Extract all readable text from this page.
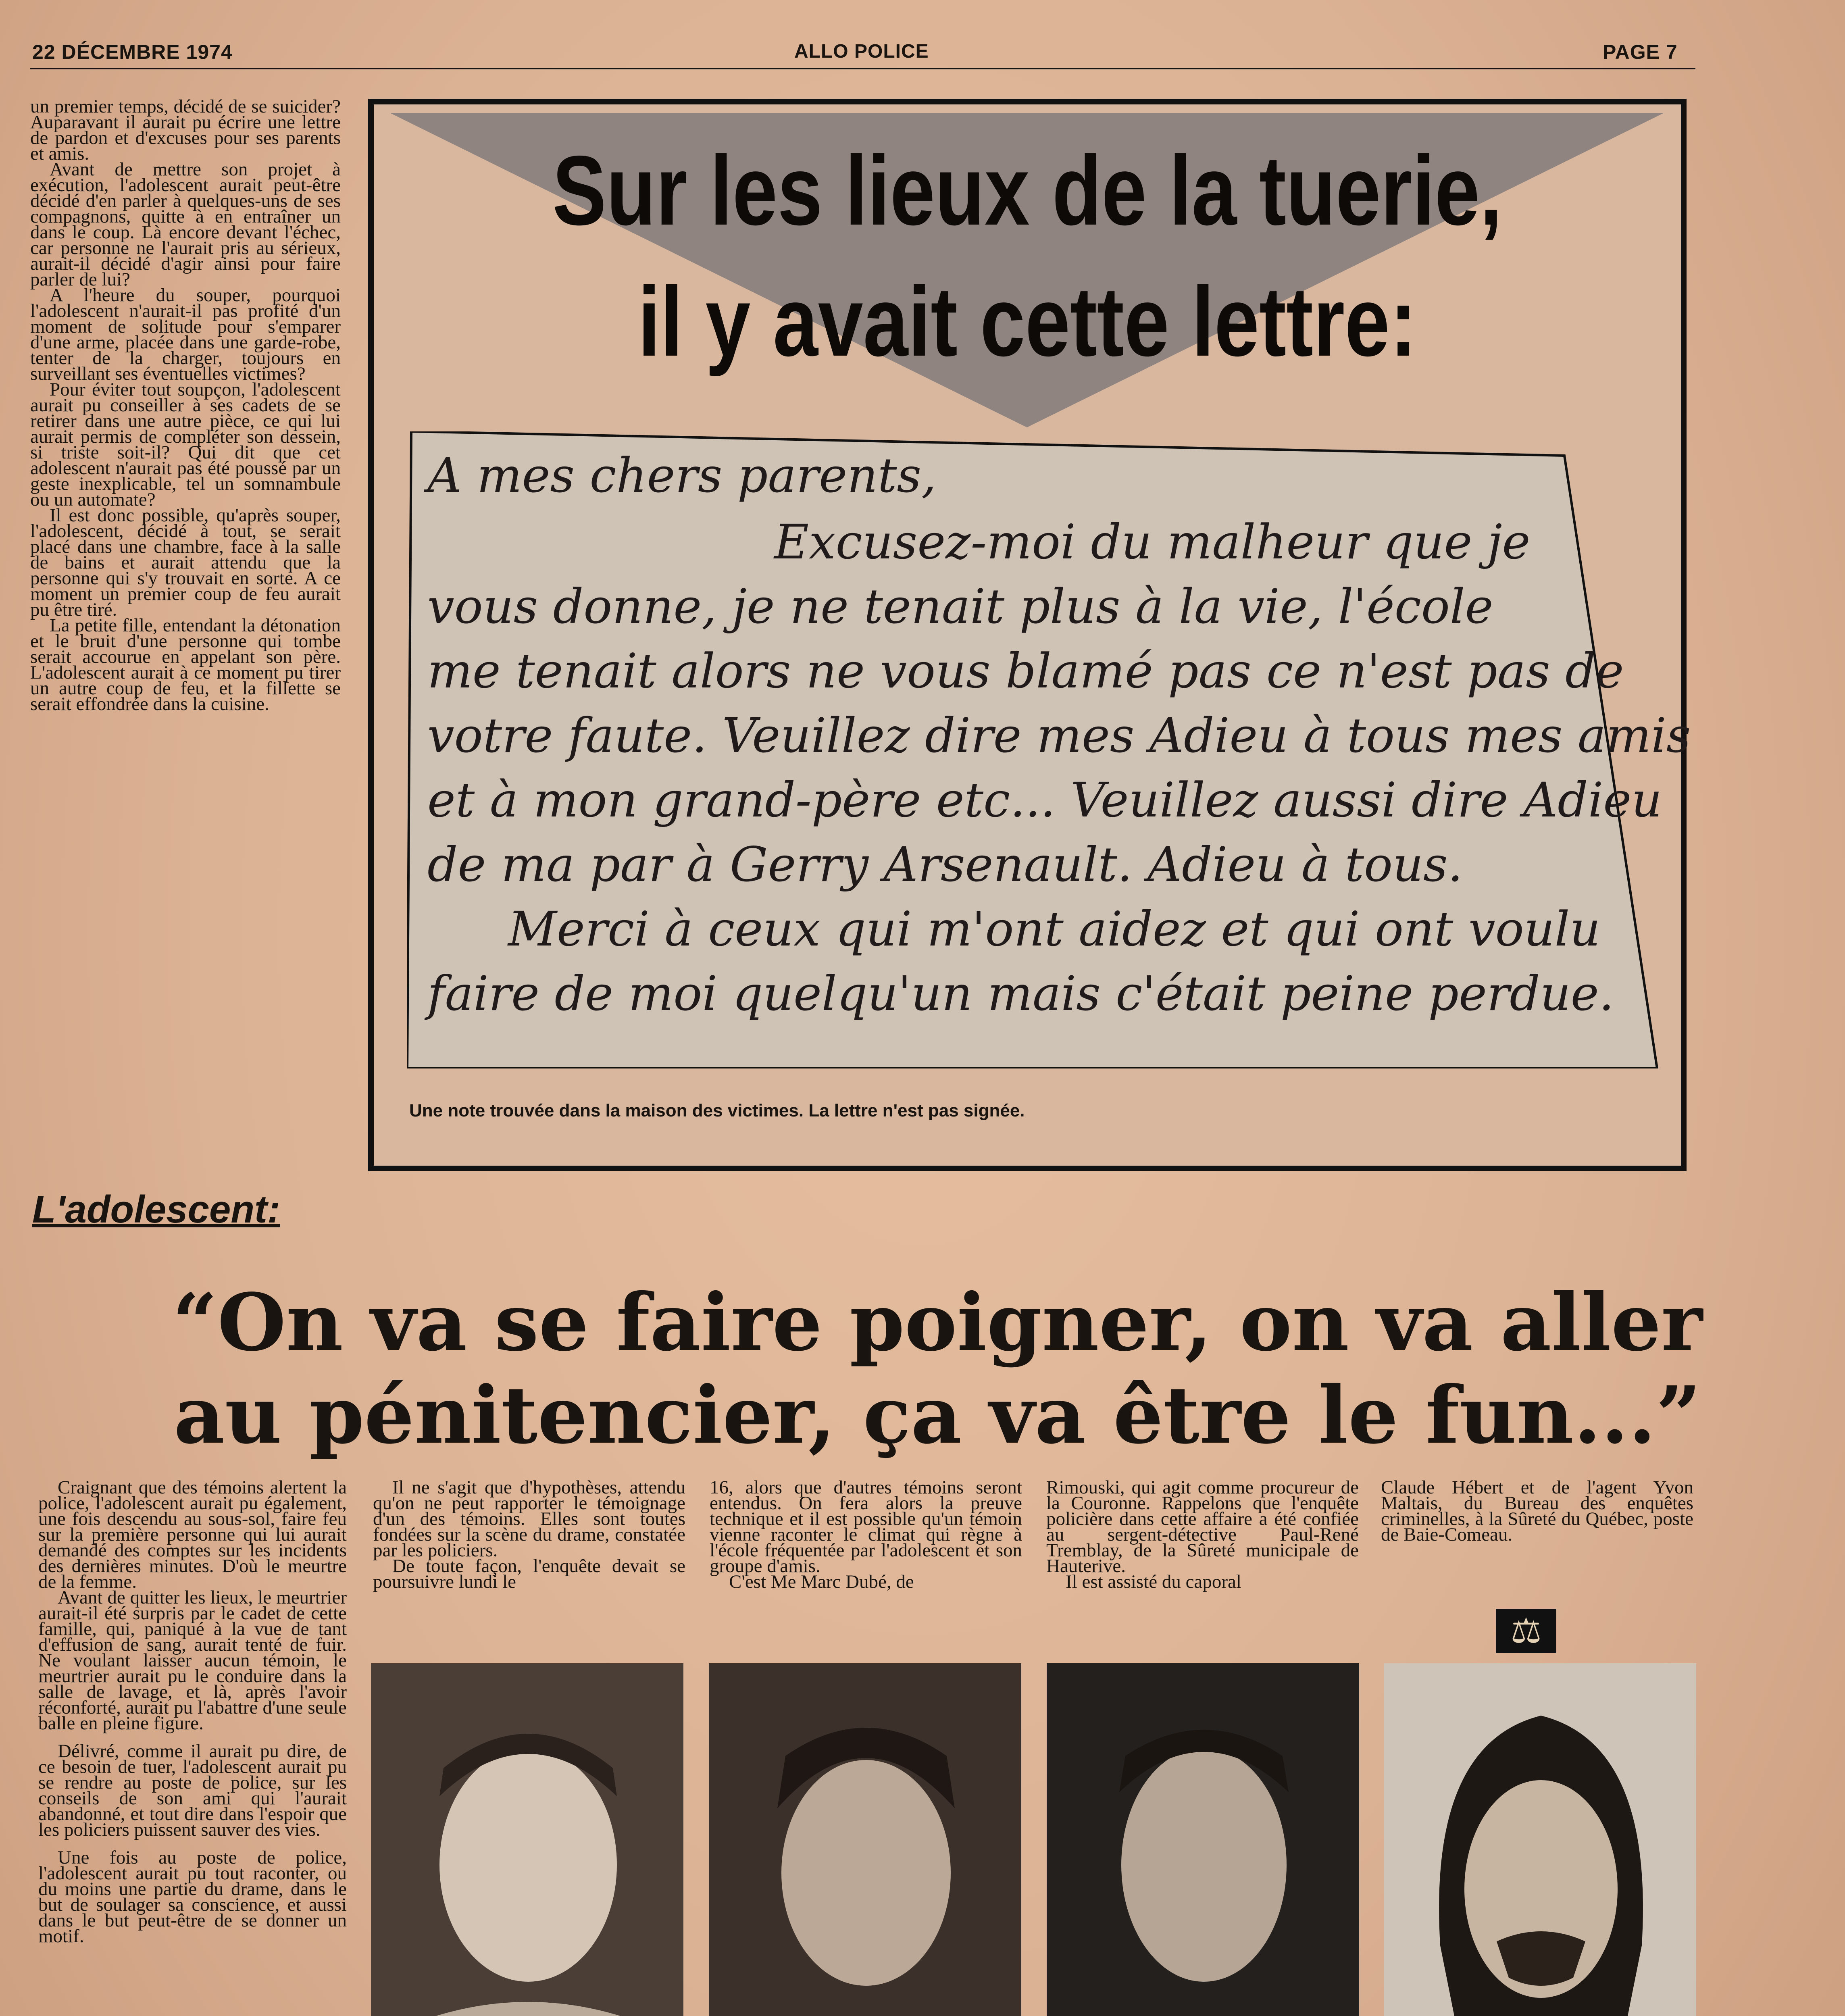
22 DÉCEMBRE 1974	ALLO POLICE	PAGE 7

un premier temps, décidé de se suicider? Auparavant il aurait pu écrire une lettre de pardon et d'excuses pour ses parents et amis.

Avant de mettre son projet à exécution, l'adolescent aurait peut-être décidé d'en parler à quelques-uns de ses compagnons, quitte à en entraîner un dans le coup. Là encore devant l'échec, car personne ne l'aurait pris au sérieux, aurait-il décidé d'agir ainsi pour faire parler de lui?

A l'heure du souper, pourquoi l'adolescent n'aurait-il pas profité d'un moment de solitude pour s'emparer d'une arme, placée dans une garde-robe, tenter de la charger, toujours en surveillant ses éventuelles victimes?

Pour éviter tout soupçon, l'adolescent aurait pu conseiller à ses cadets de se retirer dans une autre pièce, ce qui lui aurait permis de compléter son dessein, si triste soit-il? Qui dit que cet adolescent n'aurait pas été poussé par un geste inexplicable, tel un somnambule ou un automate?

Il est donc possible, qu'après souper, l'adolescent, décidé à tout, se serait placé dans une chambre, face à la salle de bains et aurait attendu que la personne qui s'y trouvait en sorte. A ce moment un premier coup de feu aurait pu être tiré.

La petite fille, entendant la détonation et le bruit d'une personne qui tombe serait accourue en appelant son père. L'adolescent aurait à ce moment pu tirer un autre coup de feu, et la fillette se serait effondrée dans la cuisine.

Sur les lieux de la tuerie,
il y avait cette lettre:
A mes chers parents,
Excusez-moi du malheur que je
vous donne, je ne tenait plus à la vie, l'école
me tenait alors ne vous blamé pas ce n'est pas de
votre faute. Veuillez dire mes Adieu à tous mes amis
et à mon grand-père etc... Veuillez aussi dire Adieu
de ma par à Gerry Arsenault. Adieu à tous.
Merci à ceux qui m'ont aidez et qui ont voulu
faire de moi quelqu'un mais c'était peine perdue.
Une note trouvée dans la maison des victimes. La lettre n'est pas signée.
L'adolescent:
“On va se faire poigner, on va aller
au pénitencier, ça va être le fun...”

Craignant que des témoins alertent la police, l'adolescent aurait pu également, une fois descendu au sous-sol, faire feu sur la première personne qui lui aurait demandé des comptes sur les incidents des dernières minutes. D'où le meurtre de la femme.

Avant de quitter les lieux, le meurtrier aurait-il été surpris par le cadet de cette famille, qui, paniqué à la vue de tant d'effusion de sang, aurait tenté de fuir. Ne voulant laisser aucun témoin, le meurtrier aurait pu le conduire dans la salle de lavage, et là, après l'avoir réconforté, aurait pu l'abattre d'une seule balle en pleine figure.

Délivré, comme il aurait pu dire, de ce besoin de tuer, l'adolescent aurait pu se rendre au poste de police, sur les conseils de son ami qui l'aurait abandonné, et tout dire dans l'espoir que les policiers puissent sauver des vies.

Une fois au poste de police, l'adolescent aurait pu tout raconter, ou du moins une partie du drame, dans le but de soulager sa conscience, et aussi dans le but peut-être de se donner un motif.

Il ne s'agit que d'hypothèses, attendu qu'on ne peut rapporter le témoignage d'un des témoins. Elles sont toutes fondées sur la scène du drame, constatée par les policiers.

De toute façon, l'enquête devait se poursuivre lundi le

16, alors que d'autres témoins seront entendus. On fera alors la preuve technique et il est possible qu'un témoin vienne raconter le climat qui règne à l'école fréquentée par l'adolescent et son groupe d'amis.

C'est Me Marc Dubé, de

Rimouski, qui agit comme procureur de la Couronne. Rappelons que l'enquête policière dans cette affaire a été confiée au sergent-détective Paul-René Tremblay, de la Sûreté municipale de Hauterive.

Il est assisté du caporal

Claude Hébert et de l'agent Yvon Maltais, du Bureau des enquêtes criminelles, à la Sûreté du Québec, poste de Baie-Comeau.

⚖
